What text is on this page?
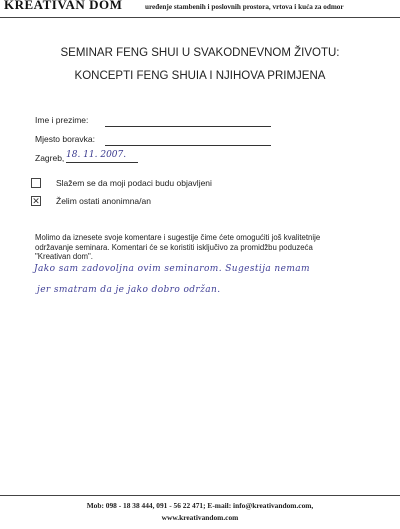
KREATIVAN DOM	uređenje stambenih i poslovnih prostora, vrtova i kuća za odmor
SEMINAR FENG SHUI U SVAKODNEVNOM ŽIVOTU:
KONCEPTI FENG SHUIA I NJIHOVA PRIMJENA
Ime i prezime:
Mjesto boravka:
Zagreb, 18. 11. 2007.
Slažem se da moji podaci budu objavljeni
✕ Želim ostati anonimna/an
Molimo da iznesete svoje komentare i sugestije čime ćete omogućiti još kvalitetnije
održavanje seminara. Komentari će se koristiti isključivo za promidžbu poduzeća
"Kreativan dom".
Jako sam zadovoljna ovim seminarom. Sugestija nemam
jer smatram da je jako dobro održan.
Mob: 098 - 18 38 444, 091 - 56 22 471; E-mail: info@kreativandom.com,
www.kreativandom.com
